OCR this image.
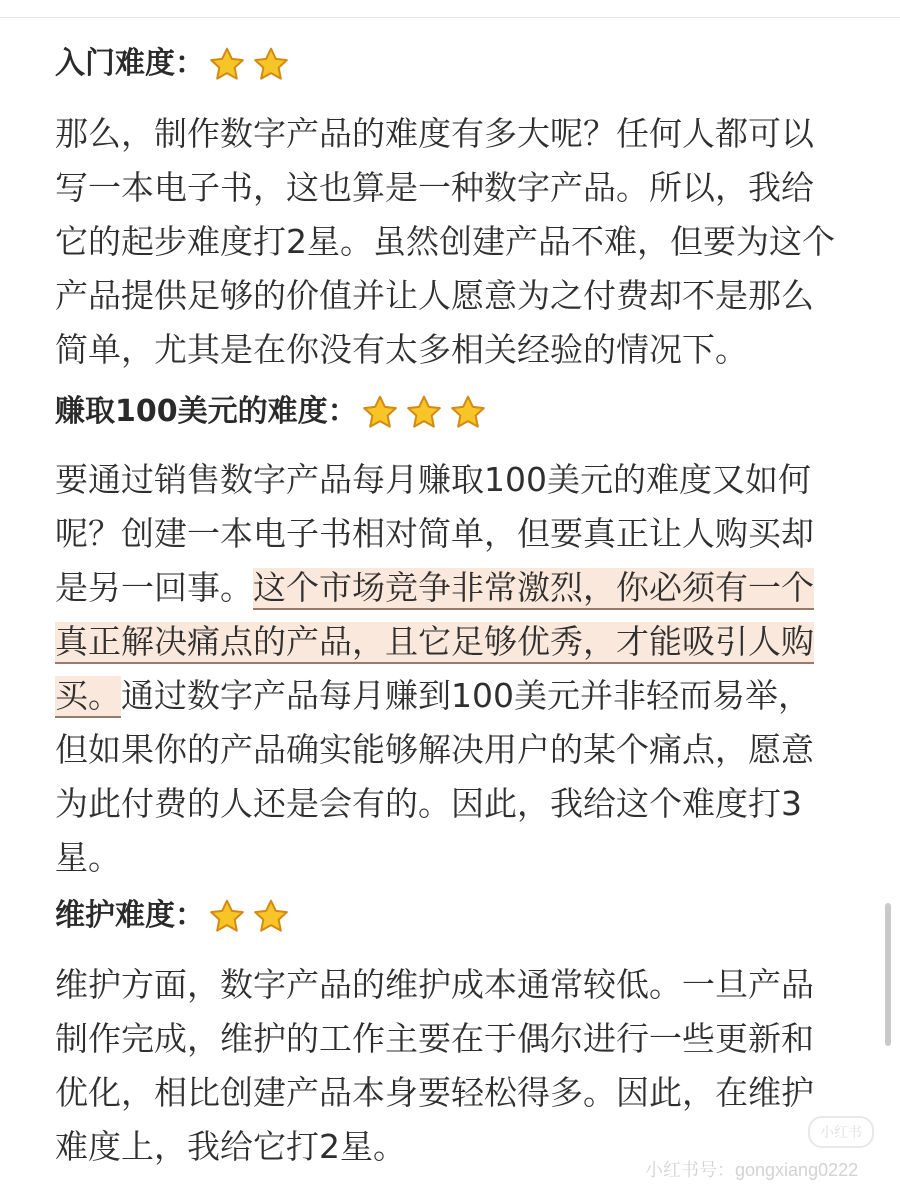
入门难度：

那么，制作数字产品的难度有多大呢？任何人都可以
写一本电子书，这也算是一种数字产品。所以，我给
它的起步难度打2星。虽然创建产品不难，但要为这个
产品提供足够的价值并让人愿意为之付费却不是那么
简单，尤其是在你没有太多相关经验的情况下。

赚取100美元的难度：

要通过销售数字产品每月赚取100美元的难度又如何
呢？创建一本电子书相对简单，但要真正让人购买却
是另一回事。这个市场竞争非常激烈，你必须有一个
真正解决痛点的产品，且它足够优秀，才能吸引人购
买。通过数字产品每月赚到100美元并非轻而易举，
但如果你的产品确实能够解决用户的某个痛点，愿意
为此付费的人还是会有的。因此，我给这个难度打3
星。

维护难度：

维护方面，数字产品的维护成本通常较低。一旦产品
制作完成，维护的工作主要在于偶尔进行一些更新和
优化，相比创建产品本身要轻松得多。因此，在维护
难度上，我给它打2星。	小红书
小红书号：gongxiang0222
